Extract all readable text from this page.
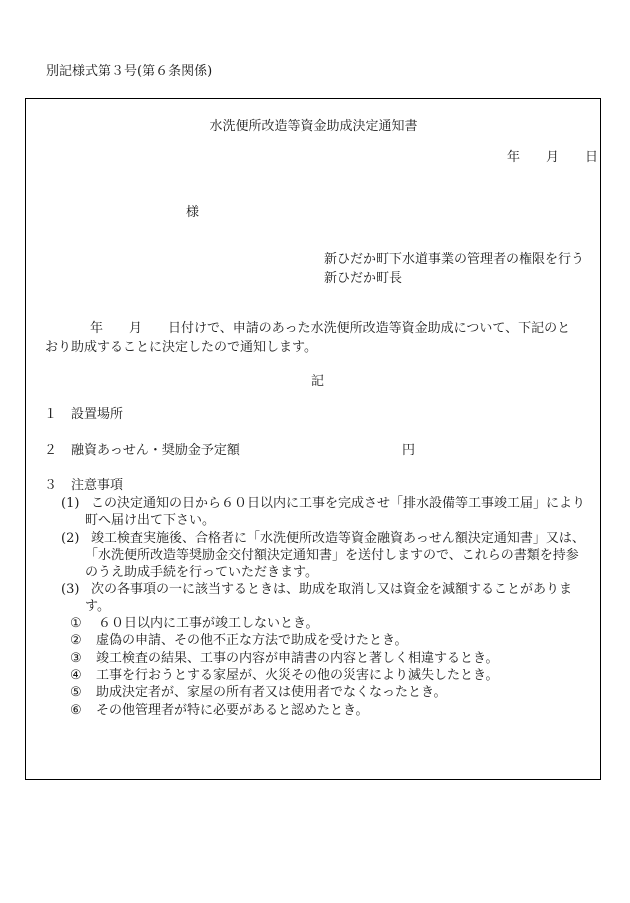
別記様式第３号(第６条関係)
水洗便所改造等資金助成決定通知書
年　　月　　日
様
新ひだか町下水道事業の管理者の権限を行う
新ひだか町長
年　　月　　日付けで、申請のあった水洗便所改造等資金助成について、下記のと
おり助成することに決定したので通知します。
記
１ 設置場所
２ 融資あっせん・奨励金予定額	円
３ 注意事項
(1) この決定通知の日から６０日以内に工事を完成させ「排水設備等工事竣工届」により
町へ届け出て下さい。
(2) 竣工検査実施後、合格者に「水洗便所改造等資金融資あっせん額決定通知書」又は、
「水洗便所改造等奨励金交付額決定通知書」を送付しますので、これらの書類を持参
のうえ助成手続を行っていただきます。
(3) 次の各事項の一に該当するときは、助成を取消し又は資金を減額することがありま
す。
① ６０日以内に工事が竣工しないとき。
② 虚偽の申請、その他不正な方法で助成を受けたとき。
③ 竣工検査の結果、工事の内容が申請書の内容と著しく相違するとき。
④ 工事を行おうとする家屋が、火災その他の災害により滅失したとき。
⑤ 助成決定者が、家屋の所有者又は使用者でなくなったとき。
⑥ その他管理者が特に必要があると認めたとき。
